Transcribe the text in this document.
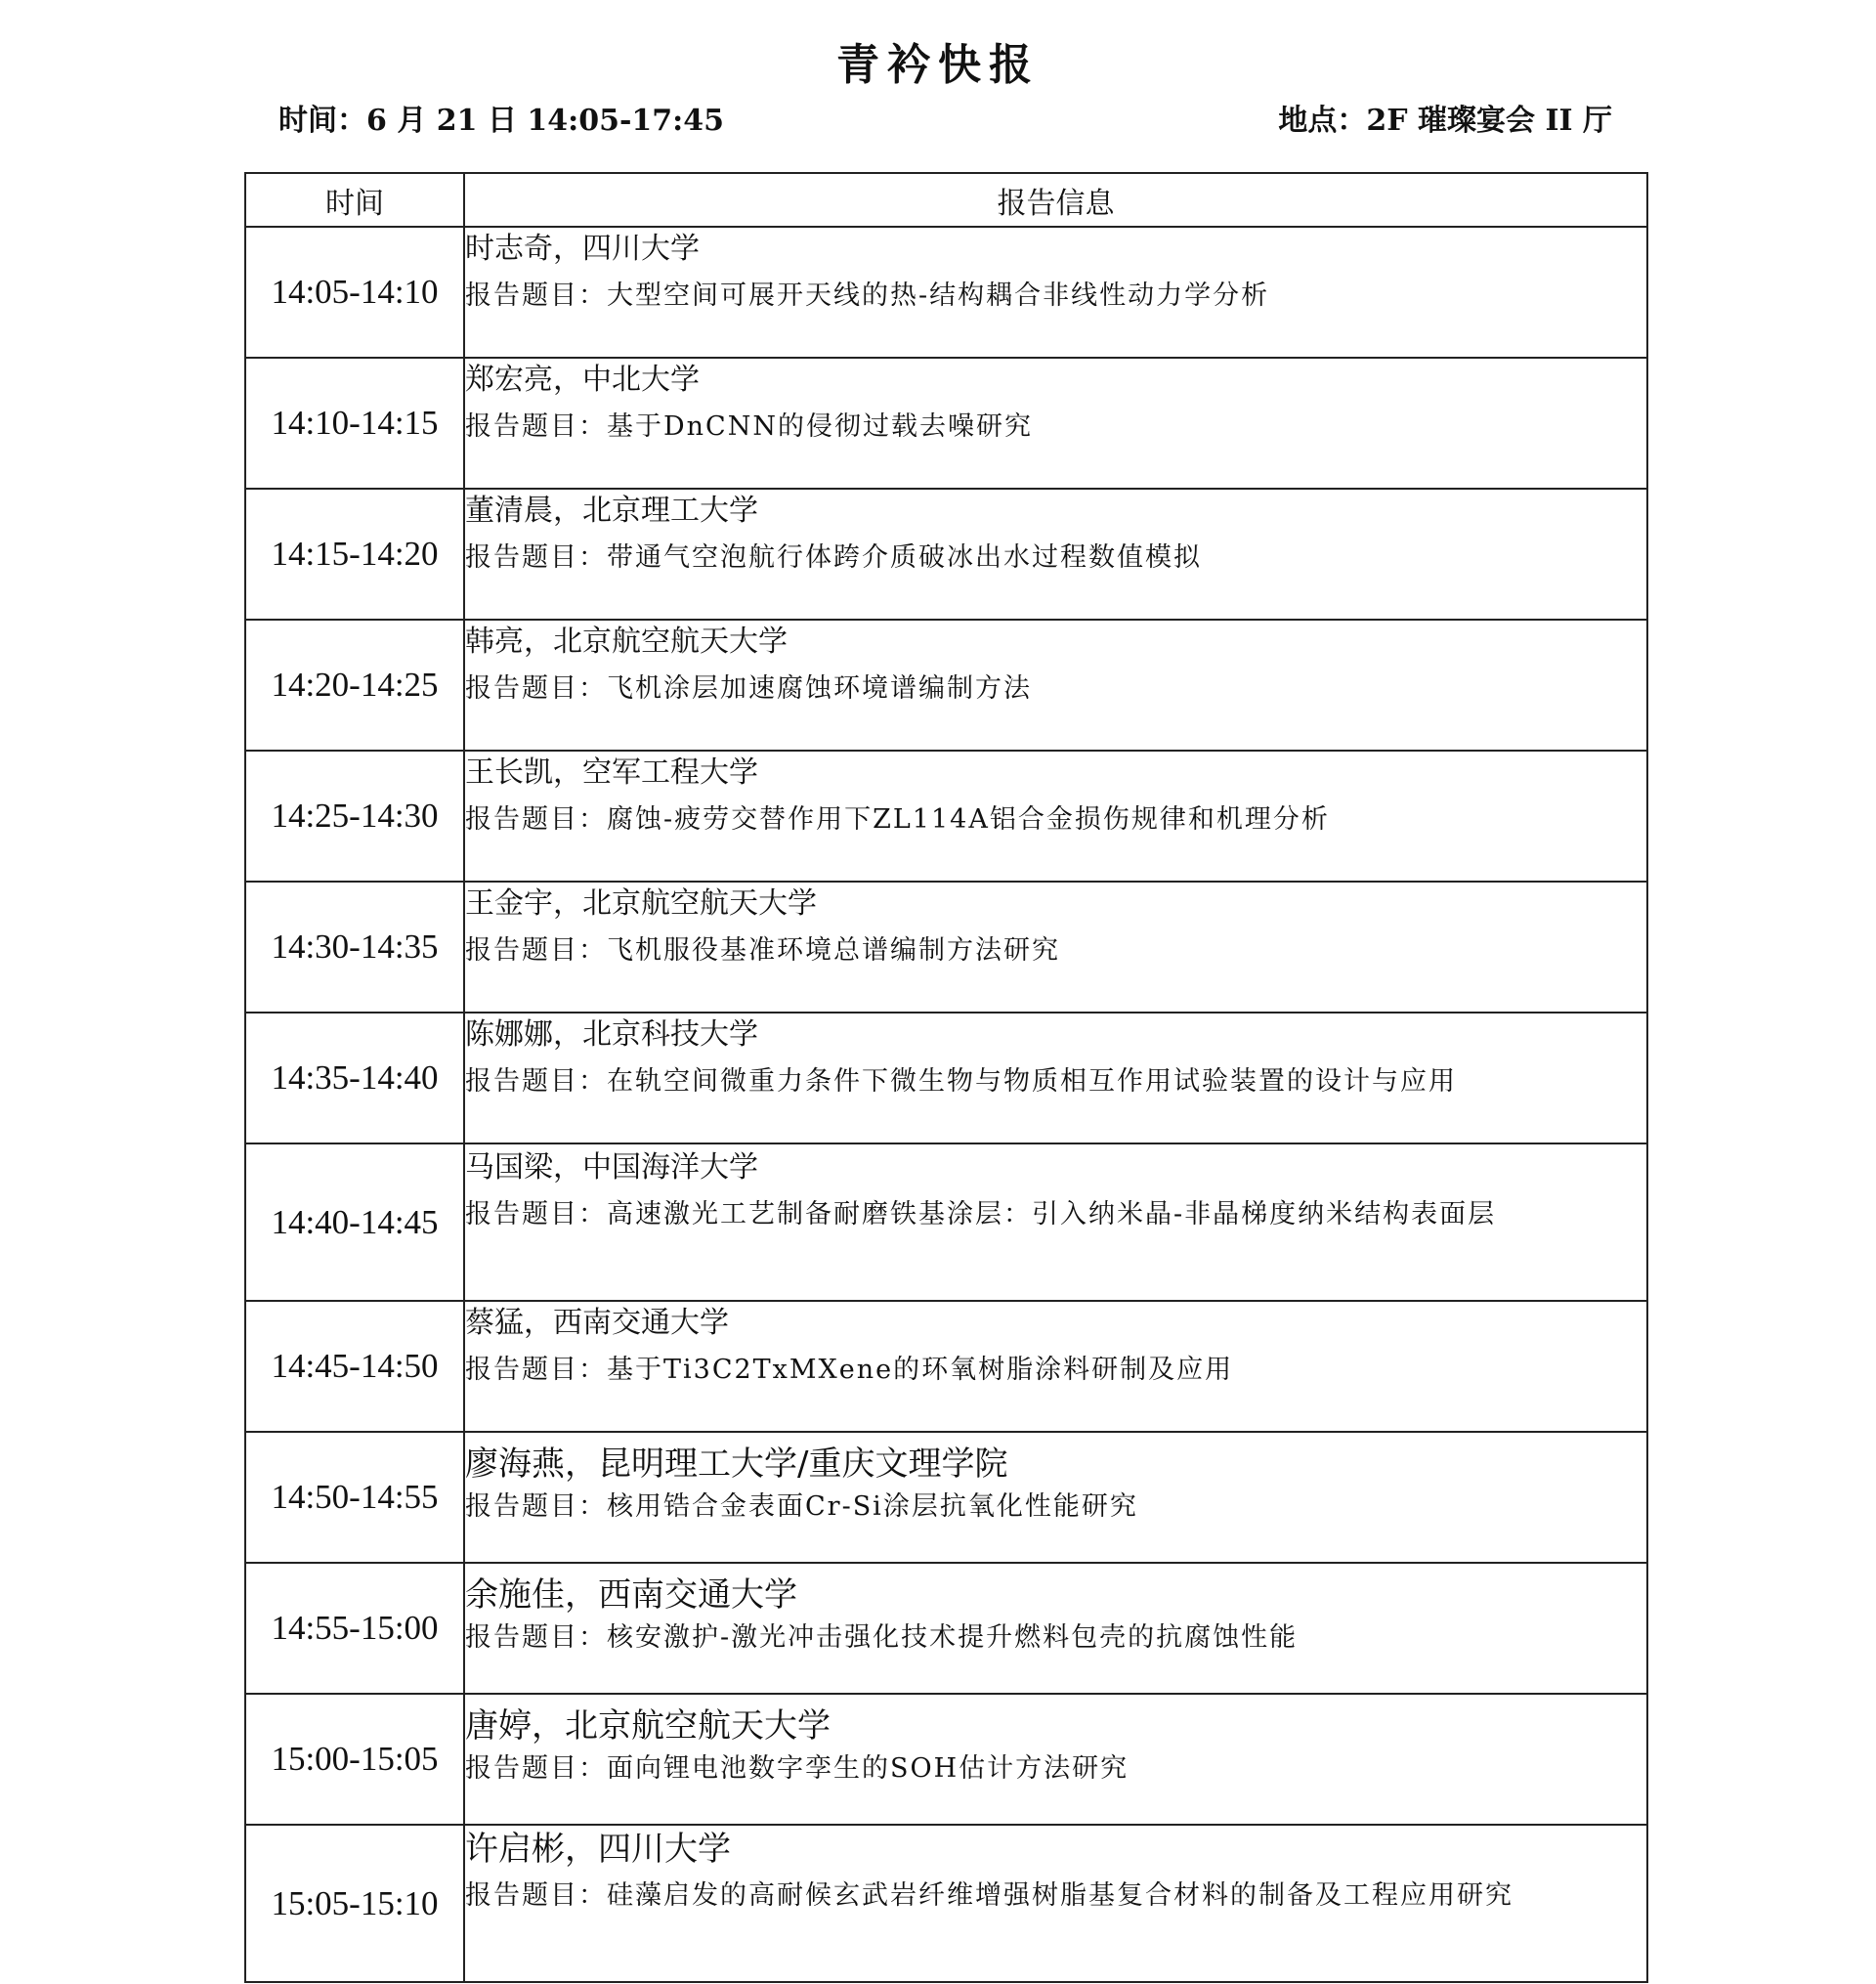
青衿快报
时间：6 月 21 日 14:05-17:45	地点：2F 璀璨宴会 II 厅
时间	报告信息
14:05-14:10	时志奇，四川大学
报告题目：大型空间可展开天线的热-结构耦合非线性动力学分析

14:10-14:15	郑宏亮，中北大学
报告题目：基于DnCNN的侵彻过载去噪研究

14:15-14:20	董清晨，北京理工大学
报告题目：带通气空泡航行体跨介质破冰出水过程数值模拟

14:20-14:25	韩亮，北京航空航天大学
报告题目：飞机涂层加速腐蚀环境谱编制方法

14:25-14:30	王长凯，空军工程大学
报告题目：腐蚀-疲劳交替作用下ZL114A铝合金损伤规律和机理分析

14:30-14:35	王金宇，北京航空航天大学
报告题目：飞机服役基准环境总谱编制方法研究

14:35-14:40	陈娜娜，北京科技大学
报告题目：在轨空间微重力条件下微生物与物质相互作用试验装置的设计与应用

14:40-14:45	马国梁，中国海洋大学
报告题目：高速激光工艺制备耐磨铁基涂层：引入纳米晶-非晶梯度纳米结构表面层

14:45-14:50	蔡猛，西南交通大学
报告题目：基于Ti3C2TxMXene的环氧树脂涂料研制及应用

14:50-14:55	廖海燕，昆明理工大学/重庆文理学院
报告题目：核用锆合金表面Cr-Si涂层抗氧化性能研究

14:55-15:00	余施佳，西南交通大学
报告题目：核安激护-激光冲击强化技术提升燃料包壳的抗腐蚀性能

15:00-15:05	唐婷，北京航空航天大学
报告题目：面向锂电池数字孪生的SOH估计方法研究

15:05-15:10	许启彬，四川大学
报告题目：硅藻启发的高耐候玄武岩纤维增强树脂基复合材料的制备及工程应用研究
